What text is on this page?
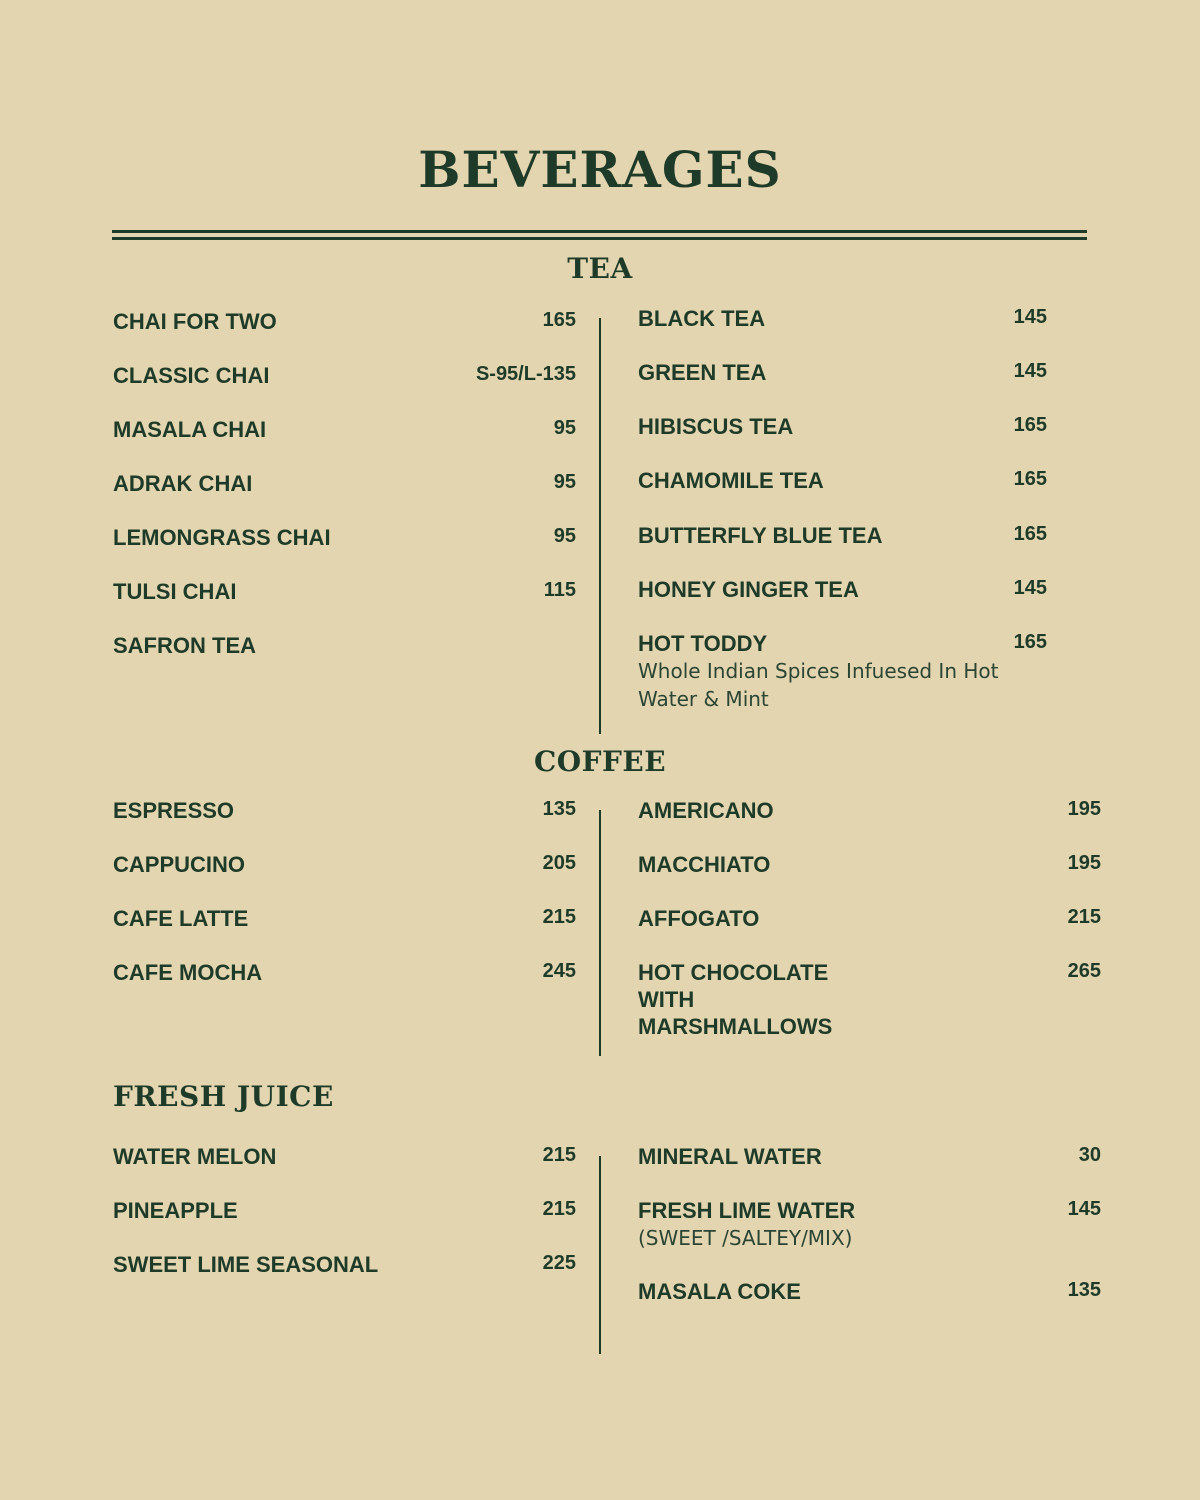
BEVERAGES
TEA
COFFEE
FRESH JUICE
CHAI FOR TWO	165
CLASSIC CHAI	S-95/L-135
MASALA CHAI	95
ADRAK CHAI	95
LEMONGRASS CHAI	95
TULSI CHAI	115
SAFRON TEA
BLACK TEA	145
GREEN TEA	145
HIBISCUS TEA	165
CHAMOMILE TEA	165
BUTTERFLY BLUE TEA	165
HONEY GINGER TEA	145
HOT TODDY	165
Whole Indian Spices Infuesed In Hot Water & Mint
ESPRESSO	135
CAPPUCINO	205
CAFE LATTE	215
CAFE MOCHA	245
AMERICANO	195
MACCHIATO	195
AFFOGATO	215
HOT CHOCOLATE WITH MARSHMALLOWS
265
WATER MELON	215
PINEAPPLE	215
SWEET LIME SEASONAL	225
MINERAL WATER	30
FRESH LIME WATER	145
(SWEET /SALTEY/MIX)
MASALA COKE	135
